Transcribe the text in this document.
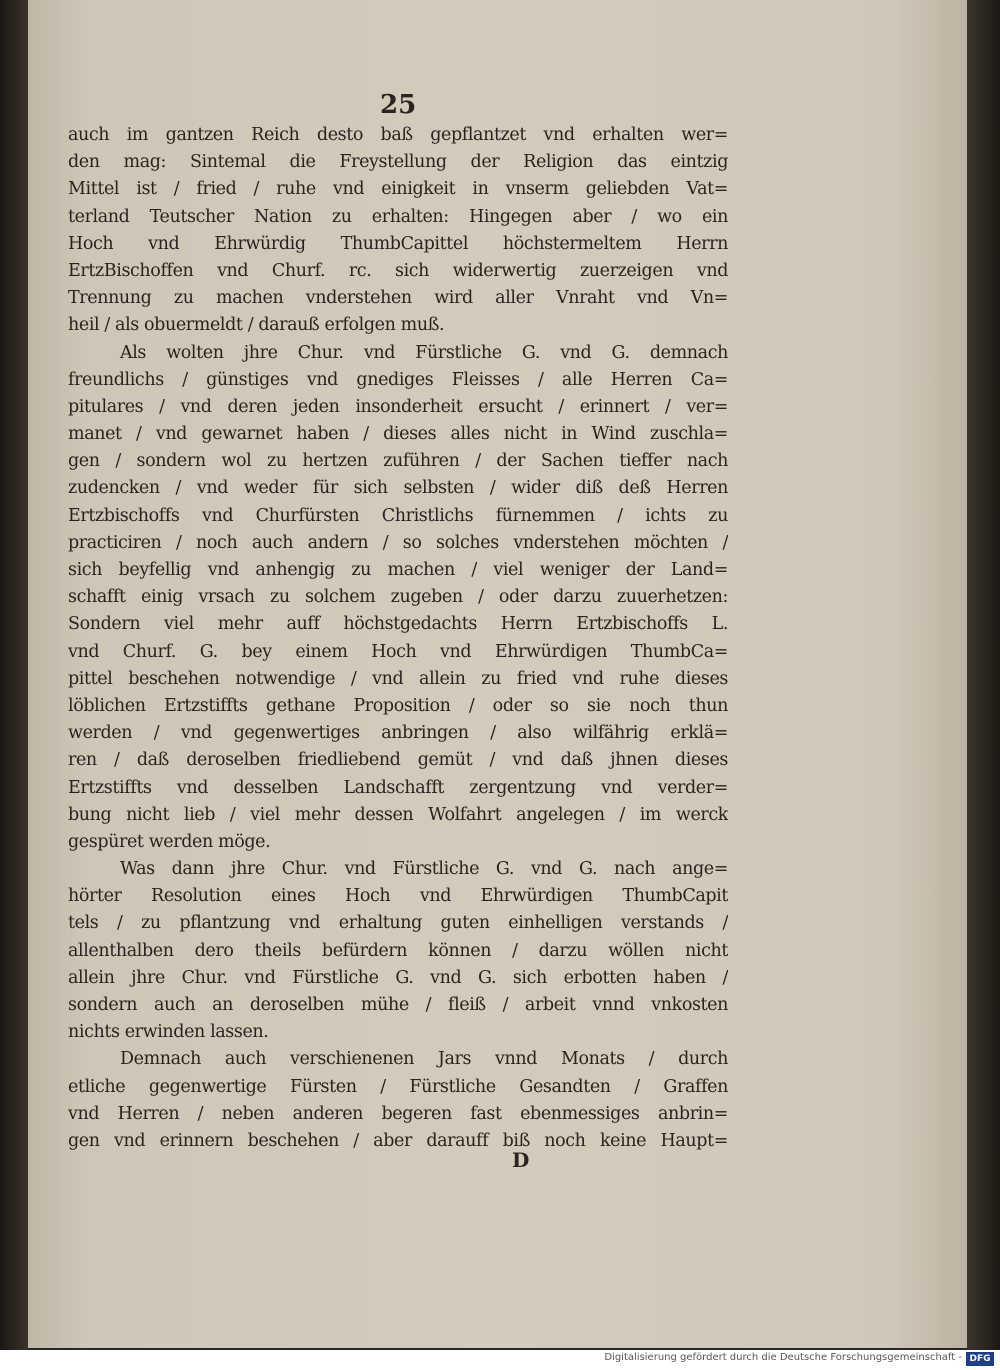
25
auch im gantzen Reich desto baß gepflantzet vnd erhalten wer=
den mag: Sintemal die Freystellung der Religion das eintzig
Mittel ist / fried / ruhe vnd einigkeit in vnserm geliebden Vat=
terland Teutscher Nation zu erhalten: Hingegen aber / wo ein
Hoch vnd Ehrwürdig ThumbCapittel höchstermeltem Herrn
ErtzBischoffen vnd Churf. rc. sich widerwertig zuerzeigen vnd
Trennung zu machen vnderstehen wird aller Vnraht vnd Vn=
heil / als obuermeldt / darauß erfolgen muß.
Als wolten jhre Chur. vnd Fürstliche G. vnd G. demnach
freundlichs / günstiges vnd gnediges Fleisses / alle Herren Ca=
pitulares / vnd deren jeden insonderheit ersucht / erinnert / ver=
manet / vnd gewarnet haben / dieses alles nicht in Wind zuschla=
gen / sondern wol zu hertzen zuführen / der Sachen tieffer nach
zudencken / vnd weder für sich selbsten / wider diß deß Herren
Ertzbischoffs vnd Churfürsten Christlichs fürnemmen / ichts zu
practiciren / noch auch andern / so solches vnderstehen möchten /
sich beyfellig vnd anhengig zu machen / viel weniger der Land=
schafft einig vrsach zu solchem zugeben / oder darzu zuuerhetzen:
Sondern viel mehr auff höchstgedachts Herrn Ertzbischoffs L.
vnd Churf. G. bey einem Hoch vnd Ehrwürdigen ThumbCa=
pittel beschehen notwendige / vnd allein zu fried vnd ruhe dieses
löblichen Ertzstiffts gethane Proposition / oder so sie noch thun
werden / vnd gegenwertiges anbringen / also wilfährig erklä=
ren / daß deroselben friedliebend gemüt / vnd daß jhnen dieses
Ertzstiffts vnd desselben Landschafft zergentzung vnd verder=
bung nicht lieb / viel mehr dessen Wolfahrt angelegen / im werck
gespüret werden möge.
Was dann jhre Chur. vnd Fürstliche G. vnd G. nach ange=
hörter Resolution eines Hoch vnd Ehrwürdigen ThumbCapit
tels / zu pflantzung vnd erhaltung guten einhelligen verstands /
allenthalben dero theils befürdern können / darzu wöllen nicht
allein jhre Chur. vnd Fürstliche G. vnd G. sich erbotten haben /
sondern auch an deroselben mühe / fleiß / arbeit vnnd vnkosten
nichts erwinden lassen.
Demnach auch verschienenen Jars vnnd Monats / durch
etliche gegenwertige Fürsten / Fürstliche Gesandten / Graffen
vnd Herren / neben anderen begeren fast ebenmessiges anbrin=
gen vnd erinnern beschehen / aber darauff biß noch keine Haupt=
D
Digitalisierung gefördert durch die Deutsche Forschungsgemeinschaft - DFG
